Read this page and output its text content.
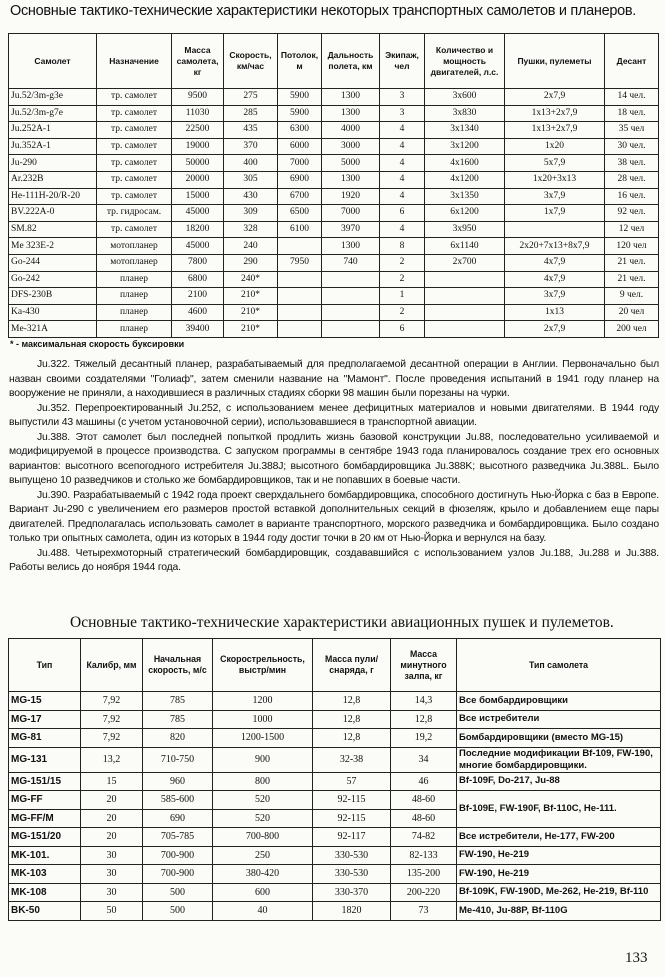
Основные тактико-технические характеристики некоторых транспортных самолетов и планеров.
Самолет	Назначение	Масса самолета, кг	Скорость, км/час	Потолок, м	Дальность полета, км	Экипаж, чел	Количество и мощность двигателей, л.с.	Пушки, пулеметы	Десант
Ju.52/3m-g3e	тр. самолет	9500	275	5900	1300	3	3x600	2x7,9	14 чел.
Ju.52/3m-g7e	тр. самолет	11030	285	5900	1300	3	3x830	1x13+2x7,9	18 чел.
Ju.252A-1	тр. самолет	22500	435	6300	4000	4	3x1340	1x13+2x7,9	35 чел
Ju.352A-1	тр. самолет	19000	370	6000	3000	4	3x1200	1x20	30 чел.
Ju-290	тр. самолет	50000	400	7000	5000	4	4x1600	5x7,9	38 чел.
Ar.232B	тр. самолет	20000	305	6900	1300	4	4x1200	1x20+3x13	28 чел.
He-111H-20/R-20	тр. самолет	15000	430	6700	1920	4	3x1350	3x7,9	16 чел.
BV.222A-0	тр. гидросам.	45000	309	6500	7000	6	6x1200	1x7,9	92 чел.
SM.82	тр. самолет	18200	328	6100	3970	4	3x950		12 чел
Me 323E-2	мотопланер	45000	240		1300	8	6x1140	2x20+7x13+8x7,9	120 чел
Go-244	мотопланер	7800	290	7950	740	2	2x700	4x7,9	21 чел.
Go-242	планер	6800	240*			2		4x7,9	21 чел.
DFS-230B	планер	2100	210*			1		3x7,9	9 чел.
Ka-430	планер	4600	210*			2		1x13	20 чел
Me-321A	планер	39400	210*			6		2x7,9	200 чел
* - максимальная скорость буксировки

Ju.322. Тяжелый десантный планер, разрабатываемый для предполагаемой десантной операции в Англии. Первоначально был назван своими создателями "Голиаф", затем сменили название на "Мамонт". После проведения испытаний в 1941 году планер на вооружение не приняли, а находившиеся в различных стадиях сборки 98 машин были порезаны на чурки.

Ju.352. Перепроектированный Ju.252, с использованием менее дефицитных материалов и новыми двигателями. В 1944 году выпустили 43 машины (с учетом установочной серии), использовавшиеся в транспортной авиации.

Ju.388. Этот самолет был последней попыткой продлить жизнь базовой конструкции Ju.88, последовательно усиливаемой и модифицируемой в процессе производства. С запуском программы в сентябре 1943 года планировалось создание трех его основных вариантов: высотного всепогодного истребителя Ju.388J; высотного бомбардировщика Ju.388K; высотного разведчика Ju.388L. Было выпущено 10 разведчиков и столько же бомбардировщиков, так и не попавших в боевые части.

Ju.390. Разрабатываемый с 1942 года проект сверхдальнего бомбардировщика, способного достигнуть Нью-Йорка с баз в Европе. Вариант Ju-290 с увеличением его размеров простой вставкой дополнительных секций в фюзеляж, крыло и добавлением еще пары двигателей. Предполагалась использовать самолет в варианте транспортного, морского разведчика и бомбардировщика. Было создано только три опытных самолета, один из которых в 1944 году достиг точки в 20 км от Нью-Йорка и вернулся на базу.

Ju.488. Четырехмоторный стратегический бомбардировщик, создававшийся с использованием узлов Ju.188, Ju.288 и Ju.388. Работы велись до ноября 1944 года.

Основные тактико-технические характеристики авиационных пушек и пулеметов.
Тип	Калибр, мм	Начальная скорость, м/с	Скорострельность, выстр/мин	Масса пули/снаряда, г	Масса минутного залпа, кг	Тип самолета
MG-15	7,92	785	1200	12,8	14,3	Все бомбардировщики
MG-17	7,92	785	1000	12,8	12,8	Все истребители
MG-81	7,92	820	1200-1500	12,8	19,2	Бомбардировщики (вместо MG-15)
MG-131	13,2	710-750	900	32-38	34	Последние модификации Bf-109, FW-190, многие бомбардировщики.
MG-151/15	15	960	800	57	46	Bf-109F, Do-217, Ju-88
MG-FF	20	585-600	520	92-115	48-60	Bf-109E, FW-190F, Bf-110C, He-111.
MG-FF/M	20	690	520	92-115	48-60	
MG-151/20	20	705-785	700-800	92-117	74-82	Все истребители, He-177, FW-200
MK-101.	30	700-900	250	330-530	82-133	FW-190, He-219
MK-103	30	700-900	380-420	330-530	135-200	FW-190, He-219
MK-108	30	500	600	330-370	200-220	Bf-109K, FW-190D, Me-262, He-219, Bf-110
BK-50	50	500	40	1820	73	Me-410, Ju-88P, Bf-110G
133
